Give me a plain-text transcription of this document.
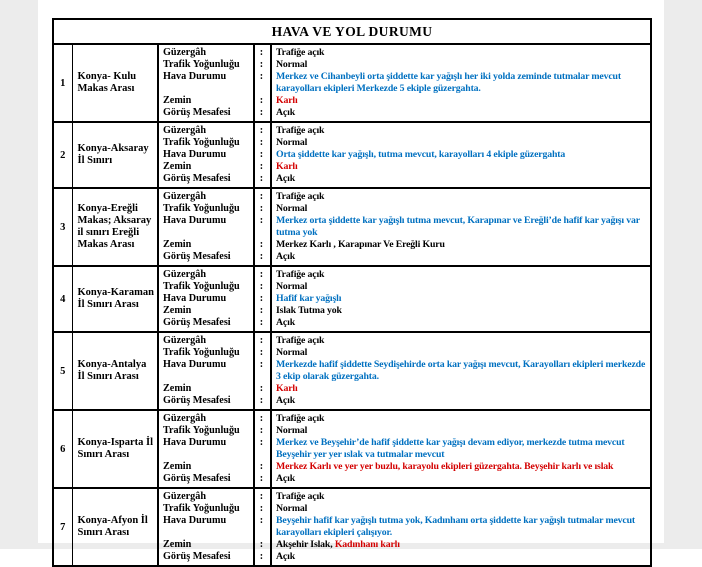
HAVA VE YOL DURUMU		
1	Konya- Kulu Makas Arası	
Güzergâh	:	Trafiğe açık
Trafik Yoğunluğu	:	Normal
Hava Durumu	:	Merkez ve Cihanbeyli orta şiddette kar yağışlı her iki yolda zeminde tutmalar mevcut karayolları ekipleri Merkezde 5 ekiple güzergahta.
Zemin	:	Karlı
Görüş Mesafesi	:	Açık

2	Konya-Aksaray İl Sınırı	
Güzergâh	:	Trafiğe açık
Trafik Yoğunluğu	:	Normal
Hava Durumu	:	Orta şiddette kar yağışlı, tutma mevcut, karayolları 4 ekiple güzergahta
Zemin	:	Karlı
Görüş Mesafesi	:	Açık

3	Konya-Ereğli Makas; Aksaray il sınırı Ereğli Makas Arası	
Güzergâh	:	Trafiğe açık
Trafik Yoğunluğu	:	Normal
Hava Durumu	:	Merkez orta şiddette kar yağışlı tutma mevcut, Karapınar ve Ereğli’de hafif kar yağışı var tutma yok
Zemin	:	Merkez Karlı , Karapınar Ve Ereğli Kuru
Görüş Mesafesi	:	Açık

4	Konya-Karaman İl Sınırı Arası	
Güzergâh	:	Trafiğe açık
Trafik Yoğunluğu	:	Normal
Hava Durumu	:	Hafif kar yağışlı
Zemin	:	Islak Tutma yok
Görüş Mesafesi	:	Açık

5	Konya-Antalya İl Sınırı Arası	
Güzergâh	:	Trafiğe açık
Trafik Yoğunluğu	:	Normal
Hava Durumu	:	Merkezde hafif şiddette Seydişehirde orta kar yağışı mevcut, Karayolları ekipleri merkezde 3 ekip olarak güzergahta.
Zemin	:	Karlı
Görüş Mesafesi	:	Açık

6	Konya-Isparta İl Sınırı Arası	
Güzergâh	:	Trafiğe açık
Trafik Yoğunluğu	:	Normal
Hava Durumu	:	Merkez ve Beyşehir’de hafif şiddette kar yağışı devam ediyor, merkezde tutma mevcut Beyşehir yer yer ıslak va tutmalar mevcut
Zemin	:	Merkez Karlı ve yer yer buzlu, karayolu ekipleri güzergahta. Beyşehir karlı ve ıslak
Görüş Mesafesi	:	Açık

7	Konya-Afyon İl Sınırı Arası	
Güzergâh	:	Trafiğe açık
Trafik Yoğunluğu	:	Normal
Hava Durumu	:	Beyşehir hafif kar yağışlı tutma yok, Kadınhanı orta şiddette kar yağışlı tutmalar mevcut karayolları ekipleri çalışıyor.
Zemin	:	Akşehir Islak, Kadınhanı karlı
Görüş Mesafesi	:	Açık
